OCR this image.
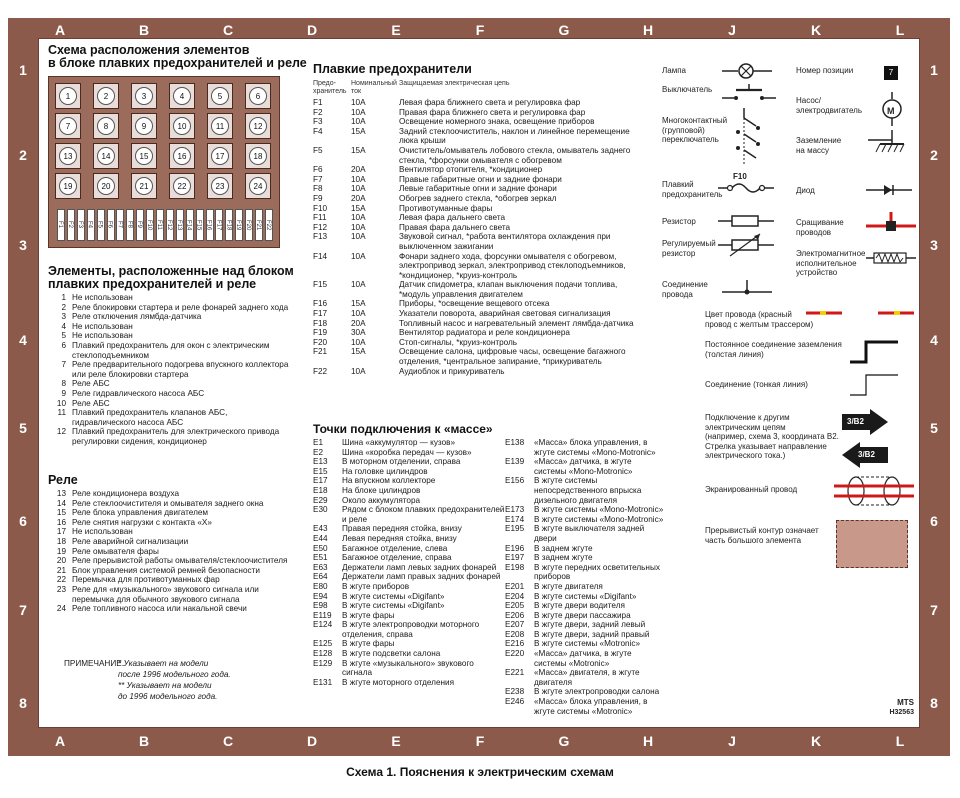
A	B	C	D	E	F	G	H	J	K	L
A	B	C	D	E	F	G	H	J	K	L
1
2
3
4
5
6
7
8
1
2
3
4
5
6
7
8
Схема расположения элементов
в блоке плавких предохранителей и реле
1	2	3	4	5	6
7	8	9	10	11	12
13	14	15	16	17	18
19	20	21	22	23	24
F1 F2 F3 F4 F5 F6 F7 F8 F9 F10 F11 F12 F13 F14 F15 F16 F17 F18 F19 F20 F21 F22
Элементы, расположенные над блоком
плавких предохранителей и реле
1 Не использован
2 Реле блокировки стартера и реле фонарей заднего хода
3 Реле отключения лямбда-датчика
4 Не использован
5 Не использован
6 Плавкий предохранитель для окон с электрическим стеклоподъемником
7 Реле предварительного подогрева впускного коллектора или реле блокировки стартера
8 Реле АБС
9 Реле гидравлического насоса АБС
10 Реле АБС
11 Плавкий предохранитель клапанов АБС, гидравлического насоса АБС
12 Плавкий предохранитель для электрического привода регулировки сидения, кондиционер
Реле
13 Реле кондиционера воздуха
14 Реле стеклоочистителя и омывателя заднего окна
15 Реле блока управления двигателем
16 Реле снятия нагрузки с контакта «X»
17 Не использован
18 Реле аварийной сигнализации
19 Реле омывателя фары
20 Реле прерывистой работы омывателя/стеклоочистителя
21 Блок управления системой ремней безопасности
22 Перемычка для противотуманных фар
23 Реле для «музыкального» звукового сигнала или перемычка для обычного звукового сигнала
24 Реле топливного насоса или накальной свечи
ПРИМЕЧАНИЕ.
* Указывает на модели
после 1996 модельного года.
** Указывает на модели
до 1996 модельного года.
Плавкие предохранители
Предо-
хранитель
Номинальный
ток
Защищаемая электрическая цепь
F1	10A	Левая фара ближнего света и регулировка фар
F2	10A	Правая фара ближнего света и регулировка фар
F3	10A	Освещение номерного знака, освещение приборов
F4	15A	Задний стеклоочиститель, наклон и линейное перемещение люка крыши
F5	15A	Очиститель/омыватель лобового стекла, омыватель заднего стекла, *форсунки омывателя с обогревом
F6	20A	Вентилятор отопителя, *кондиционер
F7	10A	Правые габаритные огни и задние фонари
F8	10A	Левые габаритные огни и задние фонари
F9	20A	Обогрев заднего стекла, *обогрев зеркал
F10	15A	Противотуманные фары
F11	10A	Левая фара дальнего света
F12	10A	Правая фара дальнего света
F13	10A	Звуковой сигнал, *работа вентилятора охлаждения при выключенном зажигании
F14	10A	Фонари заднего хода, форсунки омывателя с обогревом, электропривод зеркал, электропривод стеклоподъемников, *кондиционер, *круиз-контроль
F15	10A	Датчик спидометра, клапан выключения подачи топлива, *модуль управления двигателем
F16	15A	Приборы, *освещение вещевого отсека
F17	10A	Указатели поворота, аварийная световая сигнализация
F18	20A	Топливный насос и нагревательный элемент лямбда-датчика
F19	30A	Вентилятор радиатора и реле кондиционера
F20	10A	Стоп-сигналы, *круиз-контроль
F21	15A	Освещение салона, цифровые часы, освещение багажного отделения, *центральное запирание, *прикуриватель
F22	10A	Аудиоблок и прикуриватель
Точки подключения к «массе»
E1	Шина «аккумулятор — кузов»
E2	Шина «коробка передач — кузов»
E13	В моторном отделении, справа
E15	На головке цилиндров
E17	На впускном коллекторе
E18	На блоке цилиндров
E29	Около аккумулятора
E30	Рядом с блоком плавких предохранителей и реле
E43	Правая передняя стойка, внизу
E44	Левая передняя стойка, внизу
E50	Багажное отделение, слева
E51	Багажное отделение, справа
E63	Держатели ламп левых задних фонарей
E64	Держатели ламп правых задних фонарей
E80	В жгуте приборов
E94	В жгуте системы «Digifant»
E98	В жгуте системы «Digifant»
E119	В жгуте фары
E124	В жгуте электропроводки моторного отделения, справа
E125	В жгуте фары
E128	В жгуте подсветки салона
E129	В жгуте «музыкального» звукового сигнала
E131	В жгуте моторного отделения
E138	«Масса» блока управления, в жгуте системы «Mono-Motronic»
E139	«Масса» датчика, в жгуте системы «Mono-Motronic»
E156	В жгуте системы непосредственного впрыска дизельного двигателя
E173	В жгуте системы «Mono-Motronic»
E174	В жгуте системы «Mono-Motronic»
E195	В жгуте выключателя задней двери
E196	В заднем жгуте
E197	В заднем жгуте
E198	В жгуте передних осветительных приборов
E201	В жгуте двигателя
E204	В жгуте системы «Digifant»
E205	В жгуте двери водителя
E206	В жгуте двери пассажира
E207	В жгуте двери, задний левый
E208	В жгуте двери, задний правый
E216	В жгуте системы «Motronic»
E220	«Масса» датчика, в жгуте системы «Motronic»
E221	«Масса» двигателя, в жгуте двигателя
E238	В жгуте электропроводки салона
E246	«Масса» блока управления, в жгуте системы «Motronic»
Лампа
Выключатель
Многоконтактный
(групповой)
переключатель
Плавкий
предохранитель
F10
Резистор
Регулируемый
резистор
Соединение
провода
Номер позиции	7
Насос/
электродвигатель	M
Заземление
на массу
Диод
Сращивание
проводов
Электромагнитное
исполнительное
устройство
Цвет провода (красный
провод с желтым трассером)
Постоянное соединение заземления
(толстая линия)
Соединение (тонкая линия)
Подключение к другим
электрическим цепям
(например, схема 3, координата В2.
Стрелка указывает направление
электрического тока.)
3/B2
3/B2
Экранированный провод
Прерывистый контур означает
часть большого элемента
MTS
H32563
Схема 1. Пояснения к электрическим схемам
